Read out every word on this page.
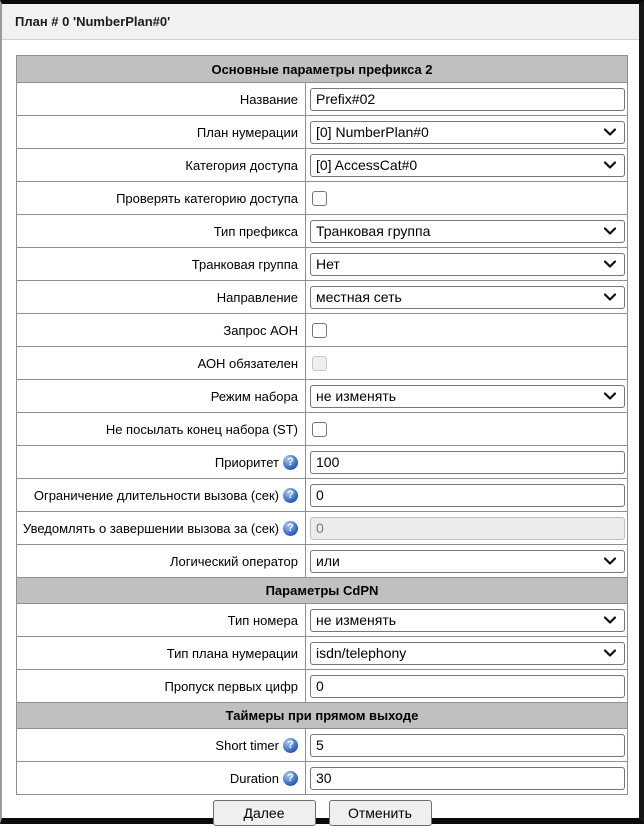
План # 0 'NumberPlan#0'
Основные параметры префикса 2
Название
Prefix#02
План нумерации [0] NumberPlan#0
Категория доступа [0] AccessCat#0
Проверять категорию доступа
Тип префикса Транковая группа
Транковая группа Нет
Направление местная сеть
Запрос АОН
АОН обязателен
Режим набора не изменять
Не посылать конец набора (ST)
Приоритет ?
100
Ограничение длительности вызова (сек) ?
0
Уведомлять о завершении вызова за (сек) ?
0
Логический оператор или
Параметры CdPN
Тип номера не изменять
Тип плана нумерации isdn/telephony
Пропуск первых цифр
0
Таймеры при прямом выходе
Short timer ?
5
Duration ?
30
Далее	Отменить
